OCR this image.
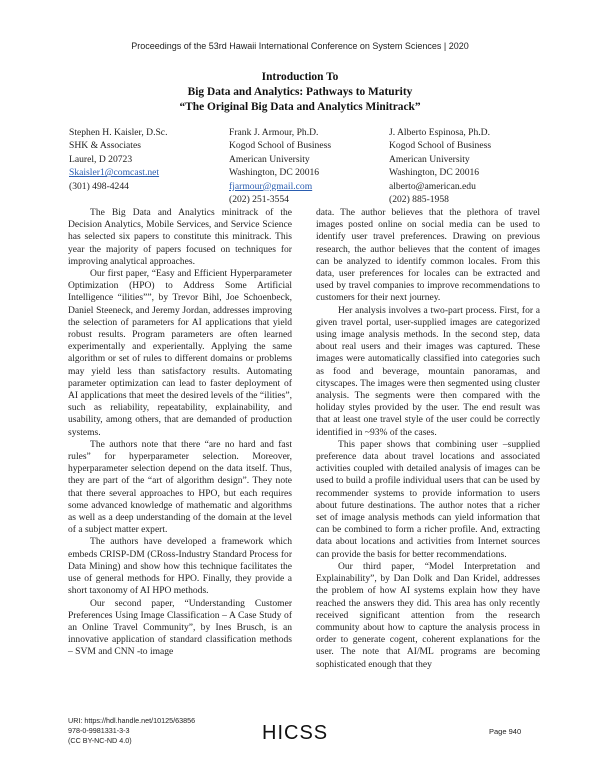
Proceedings of the 53rd Hawaii International Conference on System Sciences | 2020
Introduction To
Big Data and Analytics: Pathways to Maturity
“The Original Big Data and Analytics Minitrack”
Stephen H. Kaisler, D.Sc.
SHK & Associates
Laurel, D 20723
Skaisler1@comcast.net
(301) 498-4244
Frank J. Armour, Ph.D.
Kogod School of Business
American University
Washington, DC 20016
fjarmour@gmail.com
(202) 251-3554
J. Alberto Espinosa, Ph.D.
Kogod School of Business
American University
Washington, DC 20016
alberto@american.edu
(202) 885-1958

The Big Data and Analytics minitrack of the Decision Analytics, Mobile Services, and Service Science has selected six papers to constitute this minitrack. This year the majority of papers focused on techniques for improving analytical approaches.

Our first paper, “Easy and Efficient Hyperparameter Optimization (HPO) to Address Some Artificial Intelligence “ilities””, by Trevor Bihl, Joe Schoenbeck, Daniel Steeneck, and Jeremy Jordan, addresses improving the selection of parameters for AI applications that yield robust results. Program parameters are often learned experimentally and experientally. Applying the same algorithm or set of rules to different domains or problems may yield less than satisfactory results. Automating parameter optimization can lead to faster deployment of AI applications that meet the desired levels of the “ilities”, such as reliability, repeatability, explainability, and usability, among others, that are demanded of production systems.

The authors note that there “are no hard and fast rules” for hyperparameter selection. Moreover, hyperparameter selection depend on the data itself. Thus, they are part of the “art of algorithm design”. They note that there several approaches to HPO, but each requires some advanced knowledge of mathematic and algorithms as well as a deep understanding of the domain at the level of a subject matter expert.

The authors have developed a framework which embeds CRISP-DM (CRoss-Industry Standard Process for Data Mining) and show how this technique facilitates the use of general methods for HPO. Finally, they provide a short taxonomy of AI HPO methods.

Our second paper, “Understanding Customer Preferences Using Image Classification – A Case Study of an Online Travel Community”, by Ines Brusch, is an innovative application of standard classification methods – SVM and CNN -to image

data. The author believes that the plethora of travel images posted online on social media can be used to identify user travel preferences. Drawing on previous research, the author believes that the content of images can be analyzed to identify common locales. From this data, user preferences for locales can be extracted and used by travel companies to improve recommendations to customers for their next journey.

Her analysis involves a two-part process. First, for a given travel portal, user-supplied images are categorized using image analysis methods. In the second step, data about real users and their images was captured. These images were automatically classified into categories such as food and beverage, mountain panoramas, and cityscapes. The images were then segmented using cluster analysis. The segments were then compared with the holiday styles provided by the user. The end result was that at least one travel style of the user could be correctly identified in ~93% of the cases.

This paper shows that combining user –supplied preference data about travel locations and associated activities coupled with detailed analysis of images can be used to build a profile individual users that can be used by recommender systems to provide information to users about future destinations. The author notes that a richer set of image analysis methods can yield information that can be combined to form a richer profile. And, extracting data about locations and activities from Internet sources can provide the basis for better recommendations.

Our third paper, “Model Interpretation and Explainability”, by Dan Dolk and Dan Kridel, addresses the problem of how AI systems explain how they have reached the answers they did. This area has only recently received significant attention from the research community about how to capture the analysis process in order to generate cogent, coherent explanations for the user. The note that AI/ML programs are becoming sophisticated enough that they

URI: https://hdl.handle.net/10125/63856
978-0-9981331-3-3
(CC BY-NC-ND 4.0)	HICSS	Page 940
